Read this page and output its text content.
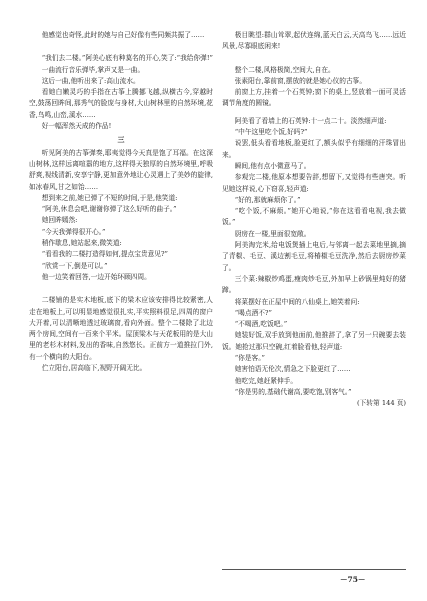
他感觉也奇怪,此时的她与自己好像有些同频共振了……

“我们去二楼。”阿美心底有种莫名的开心,笑了:“我给你弹!”

一曲流行音乐弹毕,掌声又是一曲。

这后一曲,他听出来了:高山流水。

看她白嫩灵巧的手指在古筝上腾挪飞越,纵横古今,穿越时空,鼓荡回眸间,那秀气的脸庞与身材,大山树林里的自然环境,花香,鸟鸣,山峦,溪水……

好一幅浑然天成的作品!

三

听见阿美的古筝弹奏,耶夷觉得今天真是饱了耳福。在这深山树林,这样远离喧嚣的地方,这样得天独厚的自然环境里,呼吸舒爽,视线清新,安享宁静,更加意外地让心灵遇上了美妙的旋律,如冰春风,甘之如饴……

想到来之前,她已弹了不短的时间,于是,他笑道:

“阿美,休息会吧,谢谢你弹了这么好听的曲子。”

她回眸嫣然:

“今天我弹得很开心。”

稍作歇息,她站起来,微笑道:

“看看我的二楼打造得如何,提点宝贵意见?”

“欣赏一下,倒是可以。”

他一边笑着回答,一边开始环顾四周。

二楼铺的是实木地板,底下的梁木应该安排得比较紧密,人走在地板上,可以明显地感觉很扎实,平实照料很足,四周的窗户大开着,可以清晰地透过玻璃窗,看向外面。整个二楼除了北边两个房间,空间有一百来个平米。屋顶梁木与天花板用的是大山里的老杉木材料,发出的香味,自然悠长。正前方一道推拉门外,有一个横向的大阳台。

伫立阳台,居高临下,视野开阔无比。

极目眺望:群山耸翠,起伏连绵,蓝天白云,天高鸟飞……远近风景,尽寡眼底闲来!

整个二楼,风格极简,空间大,自在。

张素阳台,靠前窗,摆放的就是她心仪的古筝。

前窗上方,挂着一个石英钟;窗下的桌上,竖放着一面可灵活调节角度的圆镜。

阿美看了看墙上的石英钟:十一点二十。淡然细声道:

“中午这里吃个饭,好吗?”

说罢,低头看看地板,脸更红了,额头似乎有细细的汗珠冒出来。

瞬间,他有点小微意马了。

参观完二楼,他原本想要告辞,想留下,又觉得有些唐突。听见她这样说,心下窃喜,轻声道:

“好的,那就麻烦你了。”

“吃个饭,不麻烦。”她开心地说,“你在这看看电视,我去做饭。”

厨房在一楼,里面很宽敞。

阿美淘完米,给电饭煲插上电后,与邻离一起去菜地里摘,摘了青椒、毛豆、溪边割毛豆,将椿椒毛豆洗净,然后去厨房炒菜了。

三个菜:辣椒炒鸡蛋,瘦肉炒毛豆,外加早上砂锅里炖好的猪蹄。

将菜摆好在正屋中间的八仙桌上,她笑着问:

“喝点酒不?”

“不喝酒,吃饭吧。”

她装好饭,双手放到他面前,他推辞了,拿了另一只碗要去装饭。她抢过那只空碗,红着脸看他,轻声道:

“你是客。”

她害怕语无伦次,情急之下脸更红了……

他吃完,她赶紧伸手。

“你是男的,基础代谢高,要吃饱,别客气。”

(下转第 144 页)

－75－
